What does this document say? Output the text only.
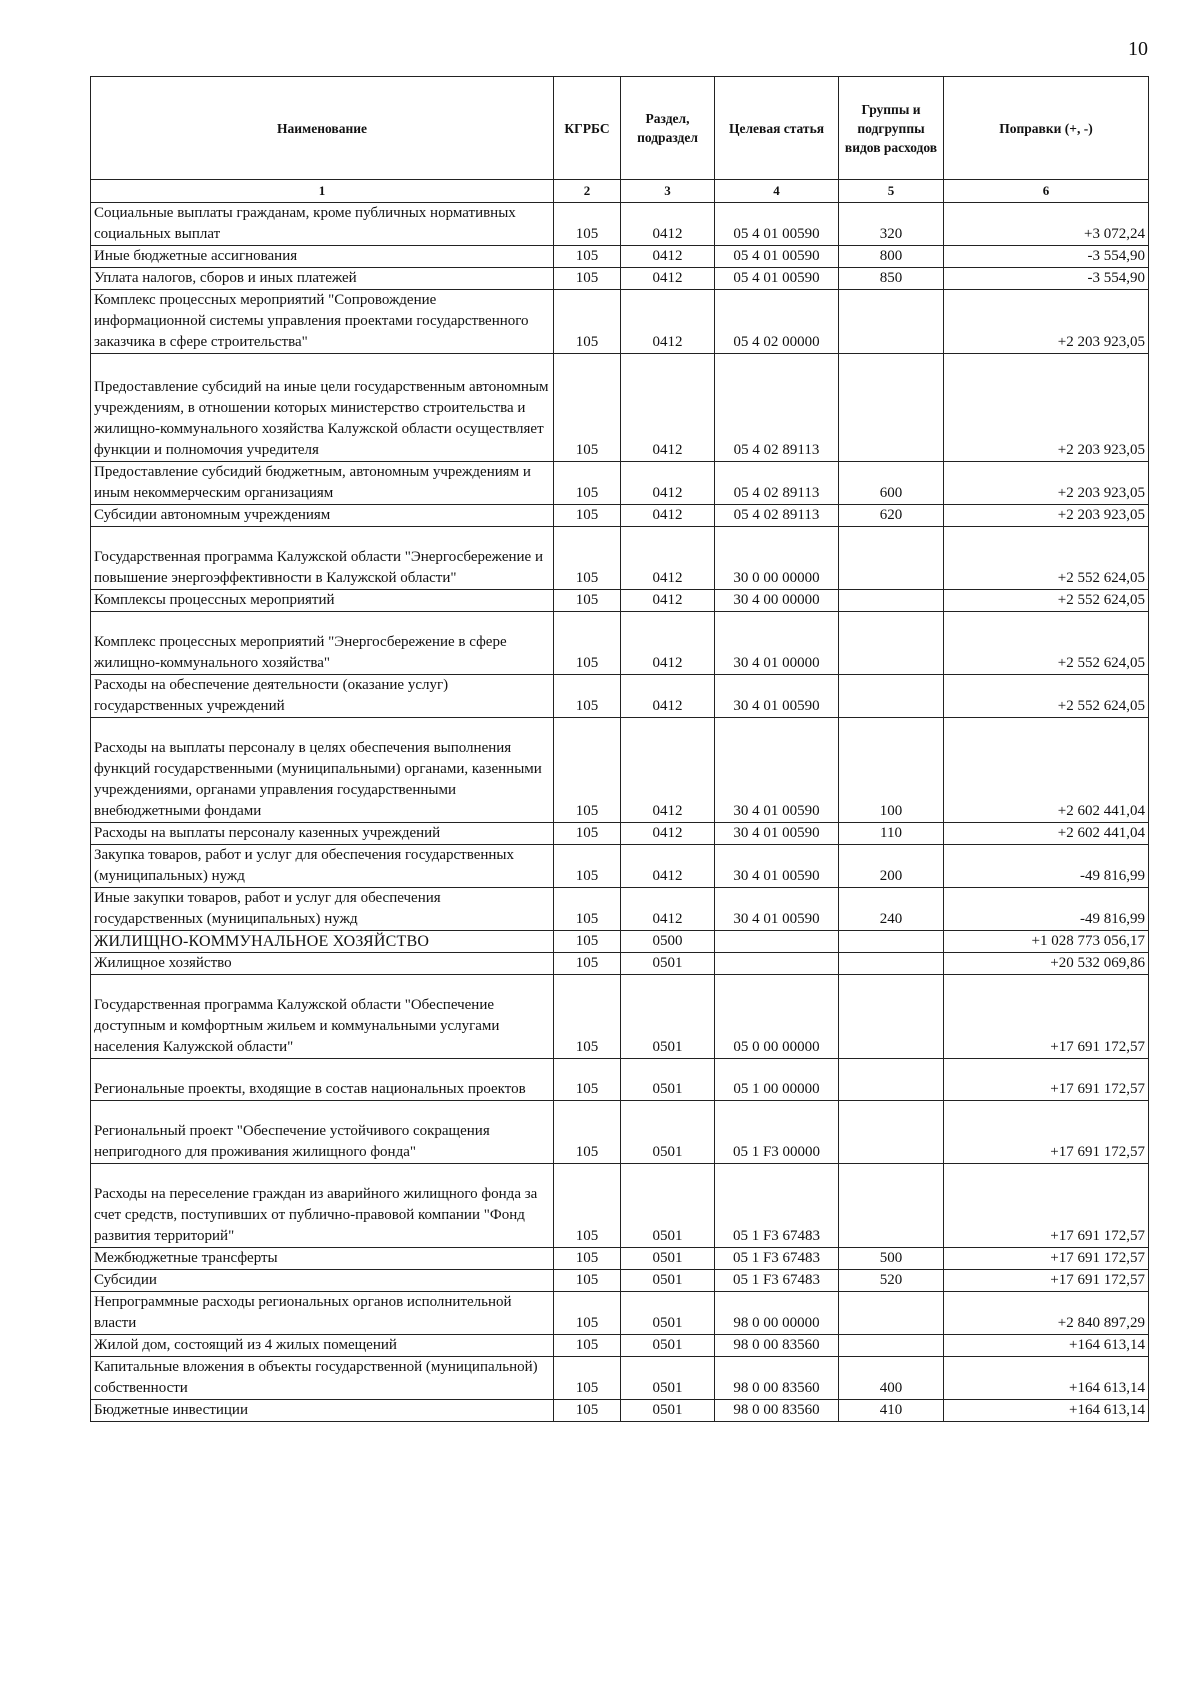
10
Наименование	КГРБС	Раздел, подраздел	Целевая статья	Группы и подгруппы видов расходов	Поправки (+, -)
1	2	3	4	5	6
Социальные выплаты гражданам, кроме публичных нормативных социальных выплат	105	0412	05 4 01 00590	320	+3 072,24
Иные бюджетные ассигнования	105	0412	05 4 01 00590	800	-3 554,90
Уплата налогов, сборов и иных платежей	105	0412	05 4 01 00590	850	-3 554,90
Комплекс процессных мероприятий "Сопровождение информационной системы управления проектами государственного заказчика в сфере строительства"	105	0412	05 4 02 00000		+2 203 923,05
Предоставление субсидий на иные цели государственным автономным учреждениям, в отношении которых министерство строительства и жилищно-коммунального хозяйства Калужской области осуществляет функции и полномочия учредителя	105	0412	05 4 02 89113		+2 203 923,05
Предоставление субсидий бюджетным, автономным учреждениям и иным некоммерческим организациям	105	0412	05 4 02 89113	600	+2 203 923,05
Субсидии автономным учреждениям	105	0412	05 4 02 89113	620	+2 203 923,05
Государственная программа Калужской области "Энергосбережение и повышение энергоэффективности в Калужской области"	105	0412	30 0 00 00000		+2 552 624,05
Комплексы процессных мероприятий	105	0412	30 4 00 00000		+2 552 624,05
Комплекс процессных мероприятий "Энергосбережение в сфере жилищно-коммунального хозяйства"	105	0412	30 4 01 00000		+2 552 624,05
Расходы на обеспечение деятельности (оказание услуг) государственных учреждений	105	0412	30 4 01 00590		+2 552 624,05
Расходы на выплаты персоналу в целях обеспечения выполнения функций государственными (муниципальными) органами, казенными учреждениями, органами управления государственными внебюджетными фондами	105	0412	30 4 01 00590	100	+2 602 441,04
Расходы на выплаты персоналу казенных учреждений	105	0412	30 4 01 00590	110	+2 602 441,04
Закупка товаров, работ и услуг для обеспечения государственных (муниципальных) нужд	105	0412	30 4 01 00590	200	-49 816,99
Иные закупки товаров, работ и услуг для обеспечения государственных (муниципальных) нужд	105	0412	30 4 01 00590	240	-49 816,99
ЖИЛИЩНО-КОММУНАЛЬНОЕ ХОЗЯЙСТВО	105	0500			+1 028 773 056,17
Жилищное хозяйство	105	0501			+20 532 069,86
Государственная программа Калужской области "Обеспечение доступным и комфортным жильем и коммунальными услугами населения Калужской области"	105	0501	05 0 00 00000		+17 691 172,57
Региональные проекты, входящие в состав национальных проектов	105	0501	05 1 00 00000		+17 691 172,57
Региональный проект "Обеспечение устойчивого сокращения непригодного для проживания жилищного фонда"	105	0501	05 1 F3 00000		+17 691 172,57
Расходы на переселение граждан из аварийного жилищного фонда за счет средств, поступивших от публично-правовой компании "Фонд развития территорий"	105	0501	05 1 F3 67483		+17 691 172,57
Межбюджетные трансферты	105	0501	05 1 F3 67483	500	+17 691 172,57
Субсидии	105	0501	05 1 F3 67483	520	+17 691 172,57
Непрограммные расходы региональных органов исполнительной власти	105	0501	98 0 00 00000		+2 840 897,29
Жилой дом, состоящий из 4 жилых помещений	105	0501	98 0 00 83560		+164 613,14
Капитальные вложения в объекты государственной (муниципальной) собственности	105	0501	98 0 00 83560	400	+164 613,14
Бюджетные инвестиции	105	0501	98 0 00 83560	410	+164 613,14
